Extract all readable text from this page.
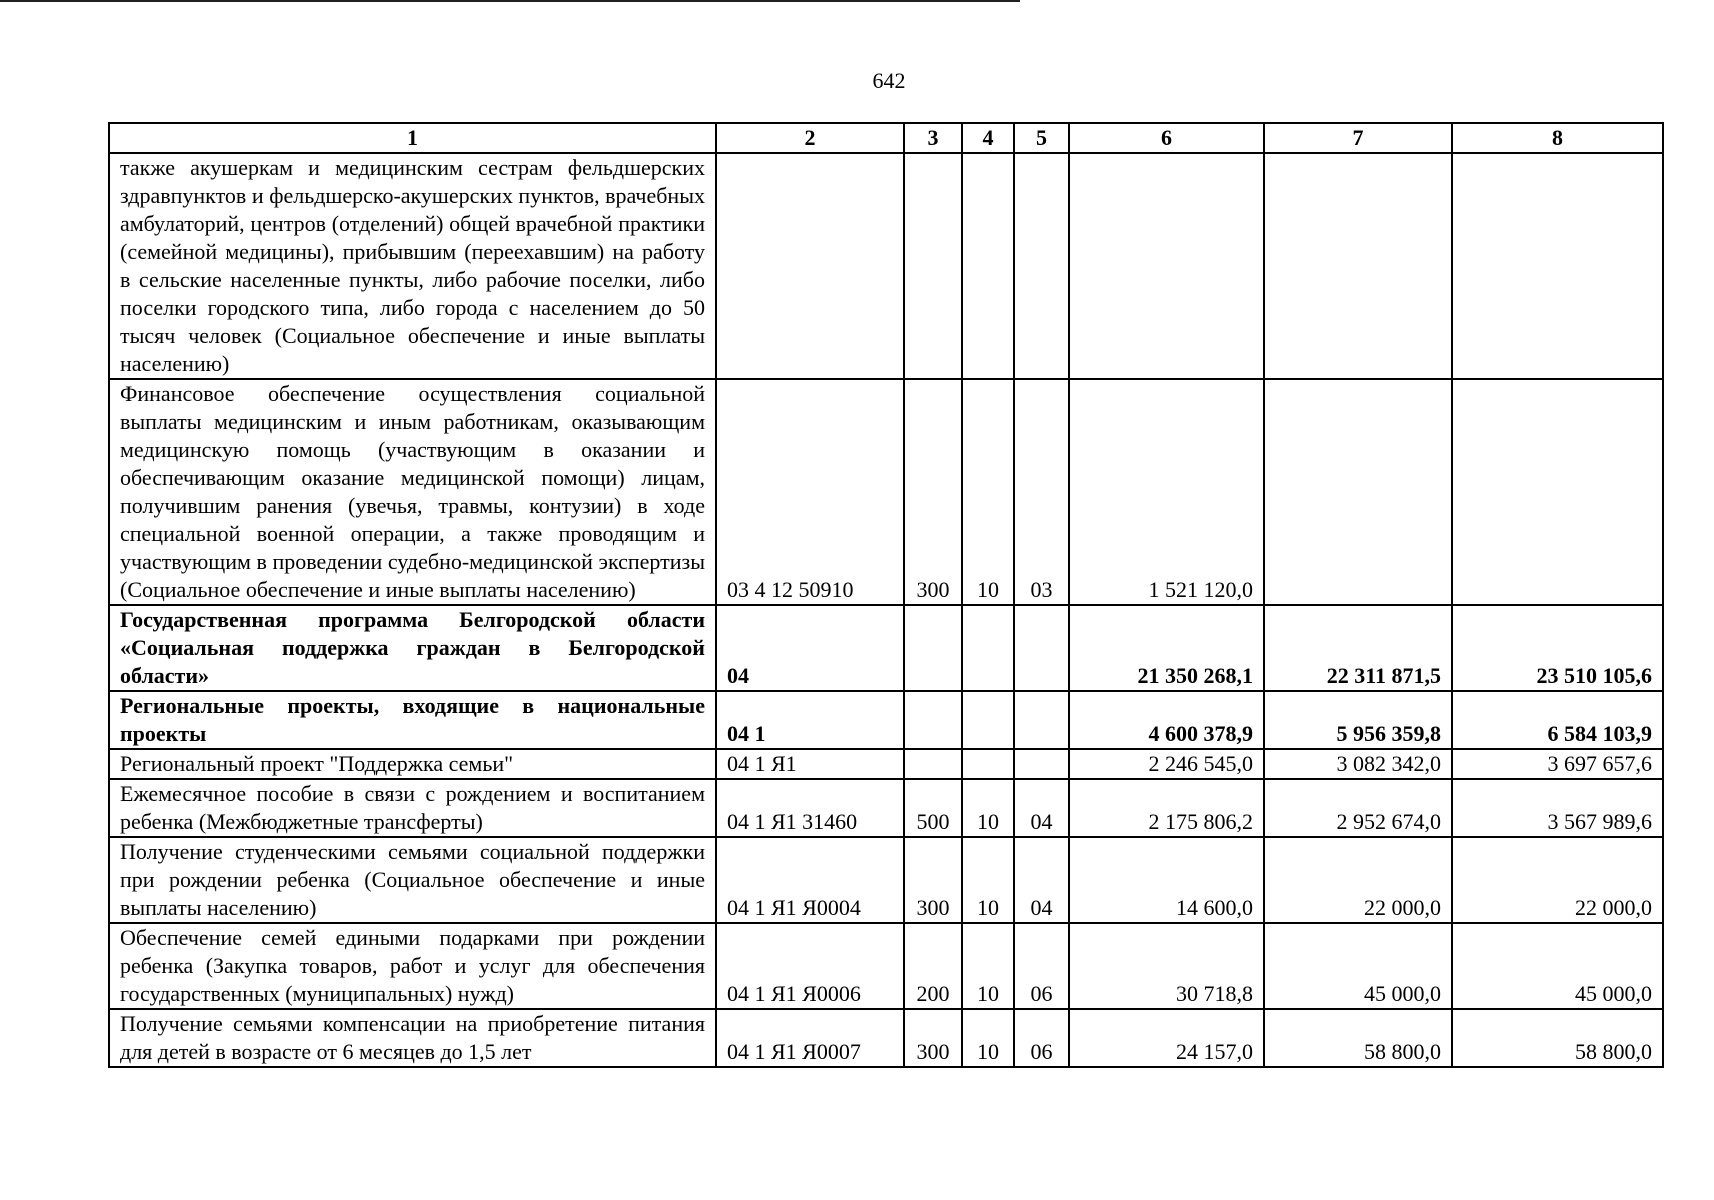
642
1	2	3	4	5	6	7	8
также акушеркам и медицинским сестрам фельдшерских здравпунктов и фельдшерско-акушерских пунктов, врачебных амбулаторий, центров (отделений) общей врачебной практики (семейной медицины), прибывшим (переехавшим) на работу в сельские населенные пункты, либо рабочие поселки, либо поселки городского типа, либо города с населением до 50 тысяч человек (Социальное обеспечение и иные выплаты населению)							
Финансовое обеспечение осуществления социальной выплаты медицинским и иным работникам, оказывающим медицинскую помощь (участвующим в оказании и обеспечивающим оказание медицинской помощи) лицам, получившим ранения (увечья, травмы, контузии) в ходе специальной военной операции, а также проводящим и участвующим в проведении судебно-медицинской экспертизы (Социальное обеспечение и иные выплаты населению)	03 4 12 50910	300	10	03	1 521 120,0		
Государственная программа Белгородской области «Социальная поддержка граждан в Белгородской области»	04				21 350 268,1	22 311 871,5	23 510 105,6
Региональные проекты, входящие в национальные проекты	04 1				4 600 378,9	5 956 359,8	6 584 103,9
Региональный проект "Поддержка семьи"	04 1 Я1				2 246 545,0	3 082 342,0	3 697 657,6
Ежемесячное пособие в связи с рождением и воспитанием ребенка (Межбюджетные трансферты)	04 1 Я1 31460	500	10	04	2 175 806,2	2 952 674,0	3 567 989,6
Получение студенческими семьями социальной поддержки при рождении ребенка (Социальное обеспечение и иные выплаты населению)	04 1 Я1 Я0004	300	10	04	14 600,0	22 000,0	22 000,0
Обеспечение семей едиными подарками при рождении ребенка (Закупка товаров, работ и услуг для обеспечения государственных (муниципальных) нужд)	04 1 Я1 Я0006	200	10	06	30 718,8	45 000,0	45 000,0
Получение семьями компенсации на приобретение питания для детей в возрасте от 6 месяцев до 1,5 лет	04 1 Я1 Я0007	300	10	06	24 157,0	58 800,0	58 800,0
